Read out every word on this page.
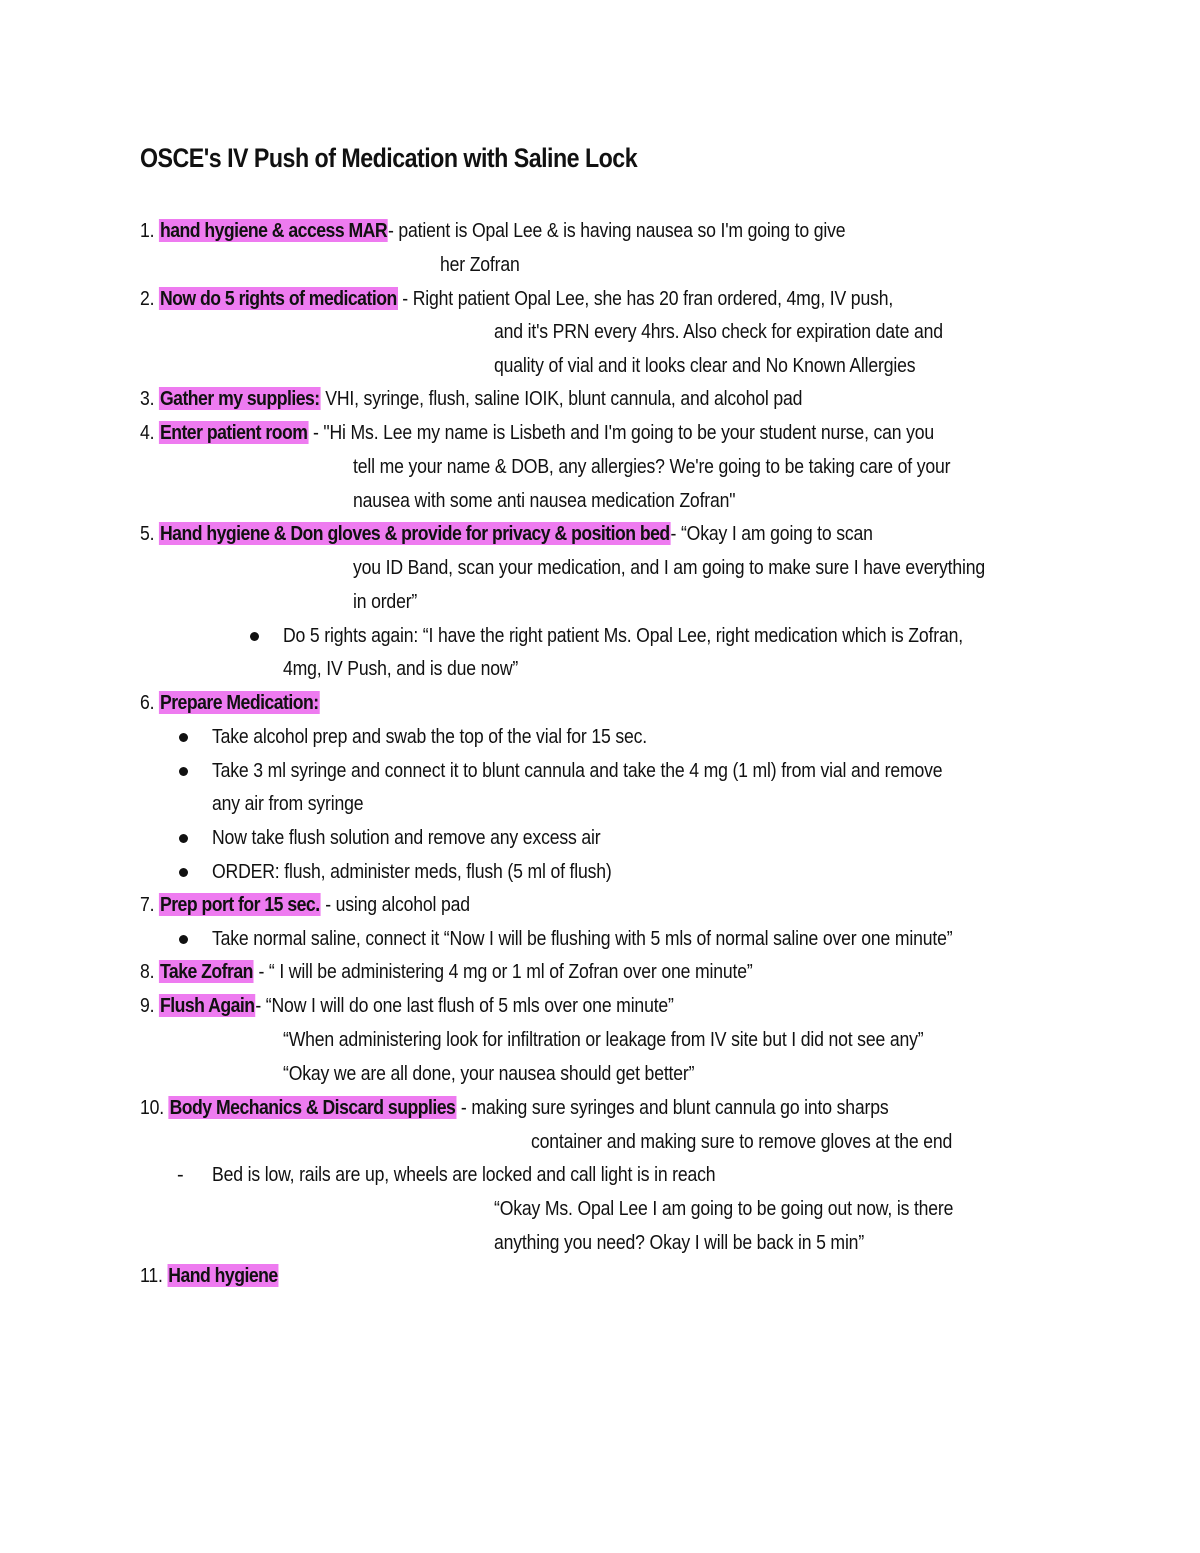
OSCE's IV Push of Medication with Saline Lock
1. hand hygiene & access MAR- patient is Opal Lee & is having nausea so I'm going to give
her Zofran
2. Now do 5 rights of medication - Right patient Opal Lee, she has 20 fran ordered, 4mg, IV push,
and it's PRN every 4hrs. Also check for expiration date and
quality of vial and it looks clear and No Known Allergies
3. Gather my supplies: VHI, syringe, flush, saline IOIK, blunt cannula, and alcohol pad
4. Enter patient room - "Hi Ms. Lee my name is Lisbeth and I'm going to be your student nurse, can you
tell me your name & DOB, any allergies? We're going to be taking care of your
nausea with some anti nausea medication Zofran"
5. Hand hygiene & Don gloves & provide for privacy & position bed- “Okay I am going to scan
you ID Band, scan your medication, and I am going to make sure I have everything
in order”
Do 5 rights again: “I have the right patient Ms. Opal Lee, right medication which is Zofran,
4mg, IV Push, and is due now”
6. Prepare Medication:
Take alcohol prep and swab the top of the vial for 15 sec.
Take 3 ml syringe and connect it to blunt cannula and take the 4 mg (1 ml) from vial and remove
any air from syringe
Now take flush solution and remove any excess air
ORDER: flush, administer meds, flush (5 ml of flush)
7. Prep port for 15 sec. - using alcohol pad
Take normal saline, connect it “Now I will be flushing with 5 mls of normal saline over one minute”
8. Take Zofran - “ I will be administering 4 mg or 1 ml of Zofran over one minute”
9. Flush Again- “Now I will do one last flush of 5 mls over one minute”
“When administering look for infiltration or leakage from IV site but I did not see any”
“Okay we are all done, your nausea should get better”
10. Body Mechanics & Discard supplies - making sure syringes and blunt cannula go into sharps
container and making sure to remove gloves at the end
- Bed is low, rails are up, wheels are locked and call light is in reach
“Okay Ms. Opal Lee I am going to be going out now, is there
anything you need? Okay I will be back in 5 min”
11. Hand hygiene
